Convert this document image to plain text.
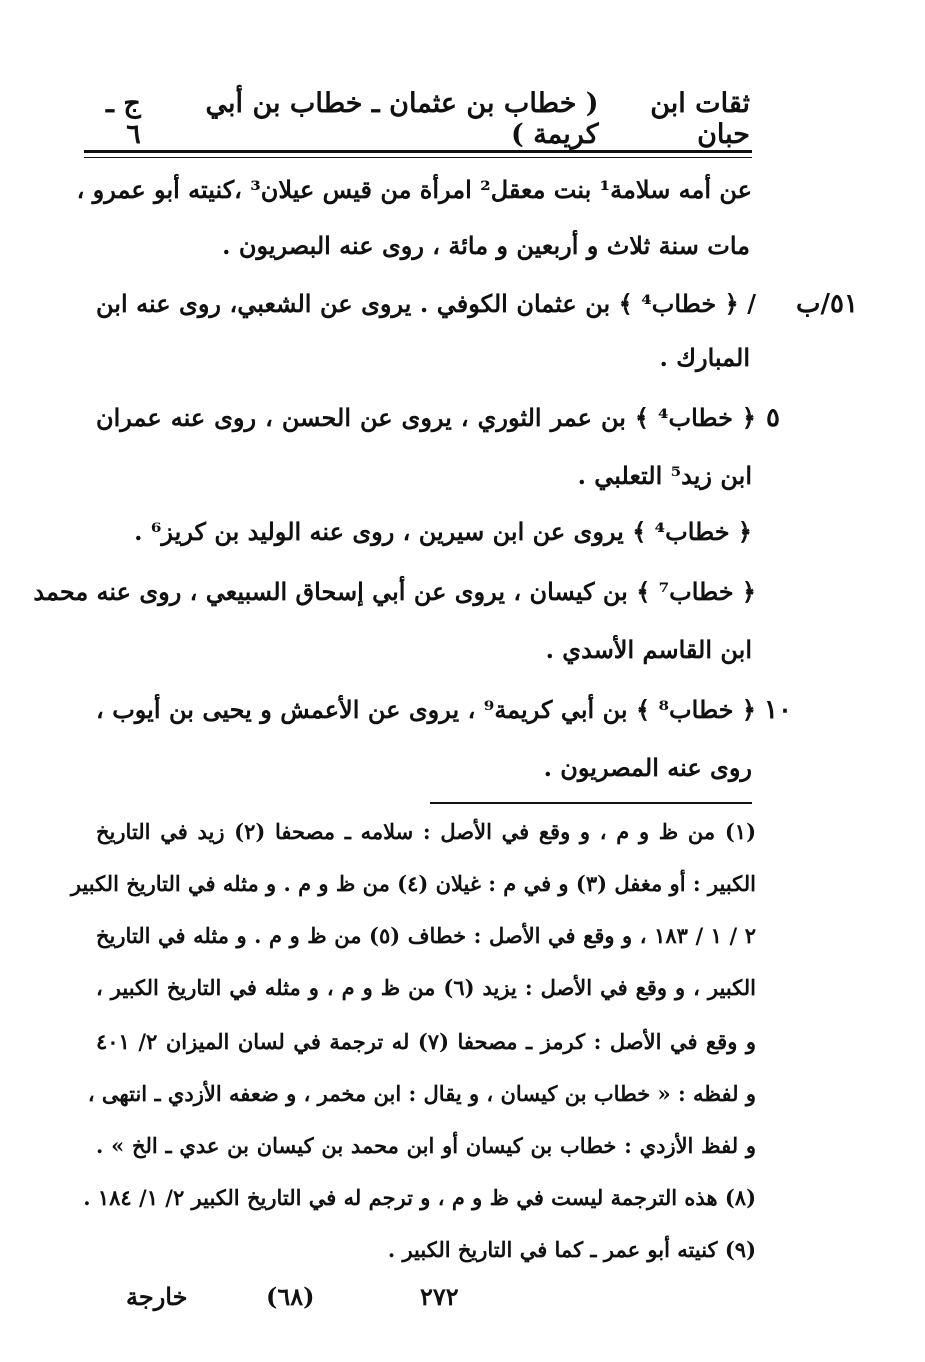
ثقات ابن حبان
( خطاب بن عثمان ـ خطاب بن أبي كريمة )
ج ـ ٦
٥١/ب
٥
١٠
عن أمه سلامة¹ بنت معقل² امرأة من قيس عيلان³ ،كنيته أبو عمرو ،
مات سنة ثلاث و أربعين و مائة ، روى عنه البصريون .
/ ﴿ خطاب⁴ ﴾ بن عثمان الكوفي . يروى عن الشعبي، روى عنه ابن
المبارك .
﴿ خطاب⁴ ﴾ بن عمر الثوري ، يروى عن الحسن ، روى عنه عمران
ابن زيد⁵ التعلبي .
﴿ خطاب⁴ ﴾ يروى عن ابن سيرين ، روى عنه الوليد بن كريز⁶ .
﴿ خطاب⁷ ﴾ بن كيسان ، يروى عن أبي إسحاق السبيعي ، روى عنه محمد
ابن القاسم الأسدي .
﴿ خطاب⁸ ﴾ بن أبي كريمة⁹ ، يروى عن الأعمش و يحيى بن أيوب ،
روى عنه المصريون .
(١) من ظ و م ، و وقع في الأصل : سلامه ـ مصحفا (٢) زيد في التاريخ
الكبير : أو مغفل (٣) و في م : غيلان (٤) من ظ و م . و مثله في التاريخ الكبير
٢ / ١ / ١٨٣ ، و وقع في الأصل : خطاف (٥) من ظ و م . و مثله في التاريخ
الكبير ، و وقع في الأصل : يزيد (٦) من ظ و م ، و مثله في التاريخ الكبير ،
و وقع في الأصل : كرمز ـ مصحفا (٧) له ترجمة في لسان الميزان ٢/ ٤٠١
و لفظه : « خطاب بن كيسان ، و يقال : ابن مخمر ، و ضعفه الأزدي ـ انتهى ،
و لفظ الأزدي : خطاب بن كيسان أو ابن محمد بن كيسان بن عدي ـ الخ » .
(٨) هذه الترجمة ليست في ظ و م ، و ترجم له في التاريخ الكبير ٢/ ١/ ١٨٤ .
(٩) كنيته أبو عمر ـ كما في التاريخ الكبير .
٢٧٢
(٦٨)
خارجة
